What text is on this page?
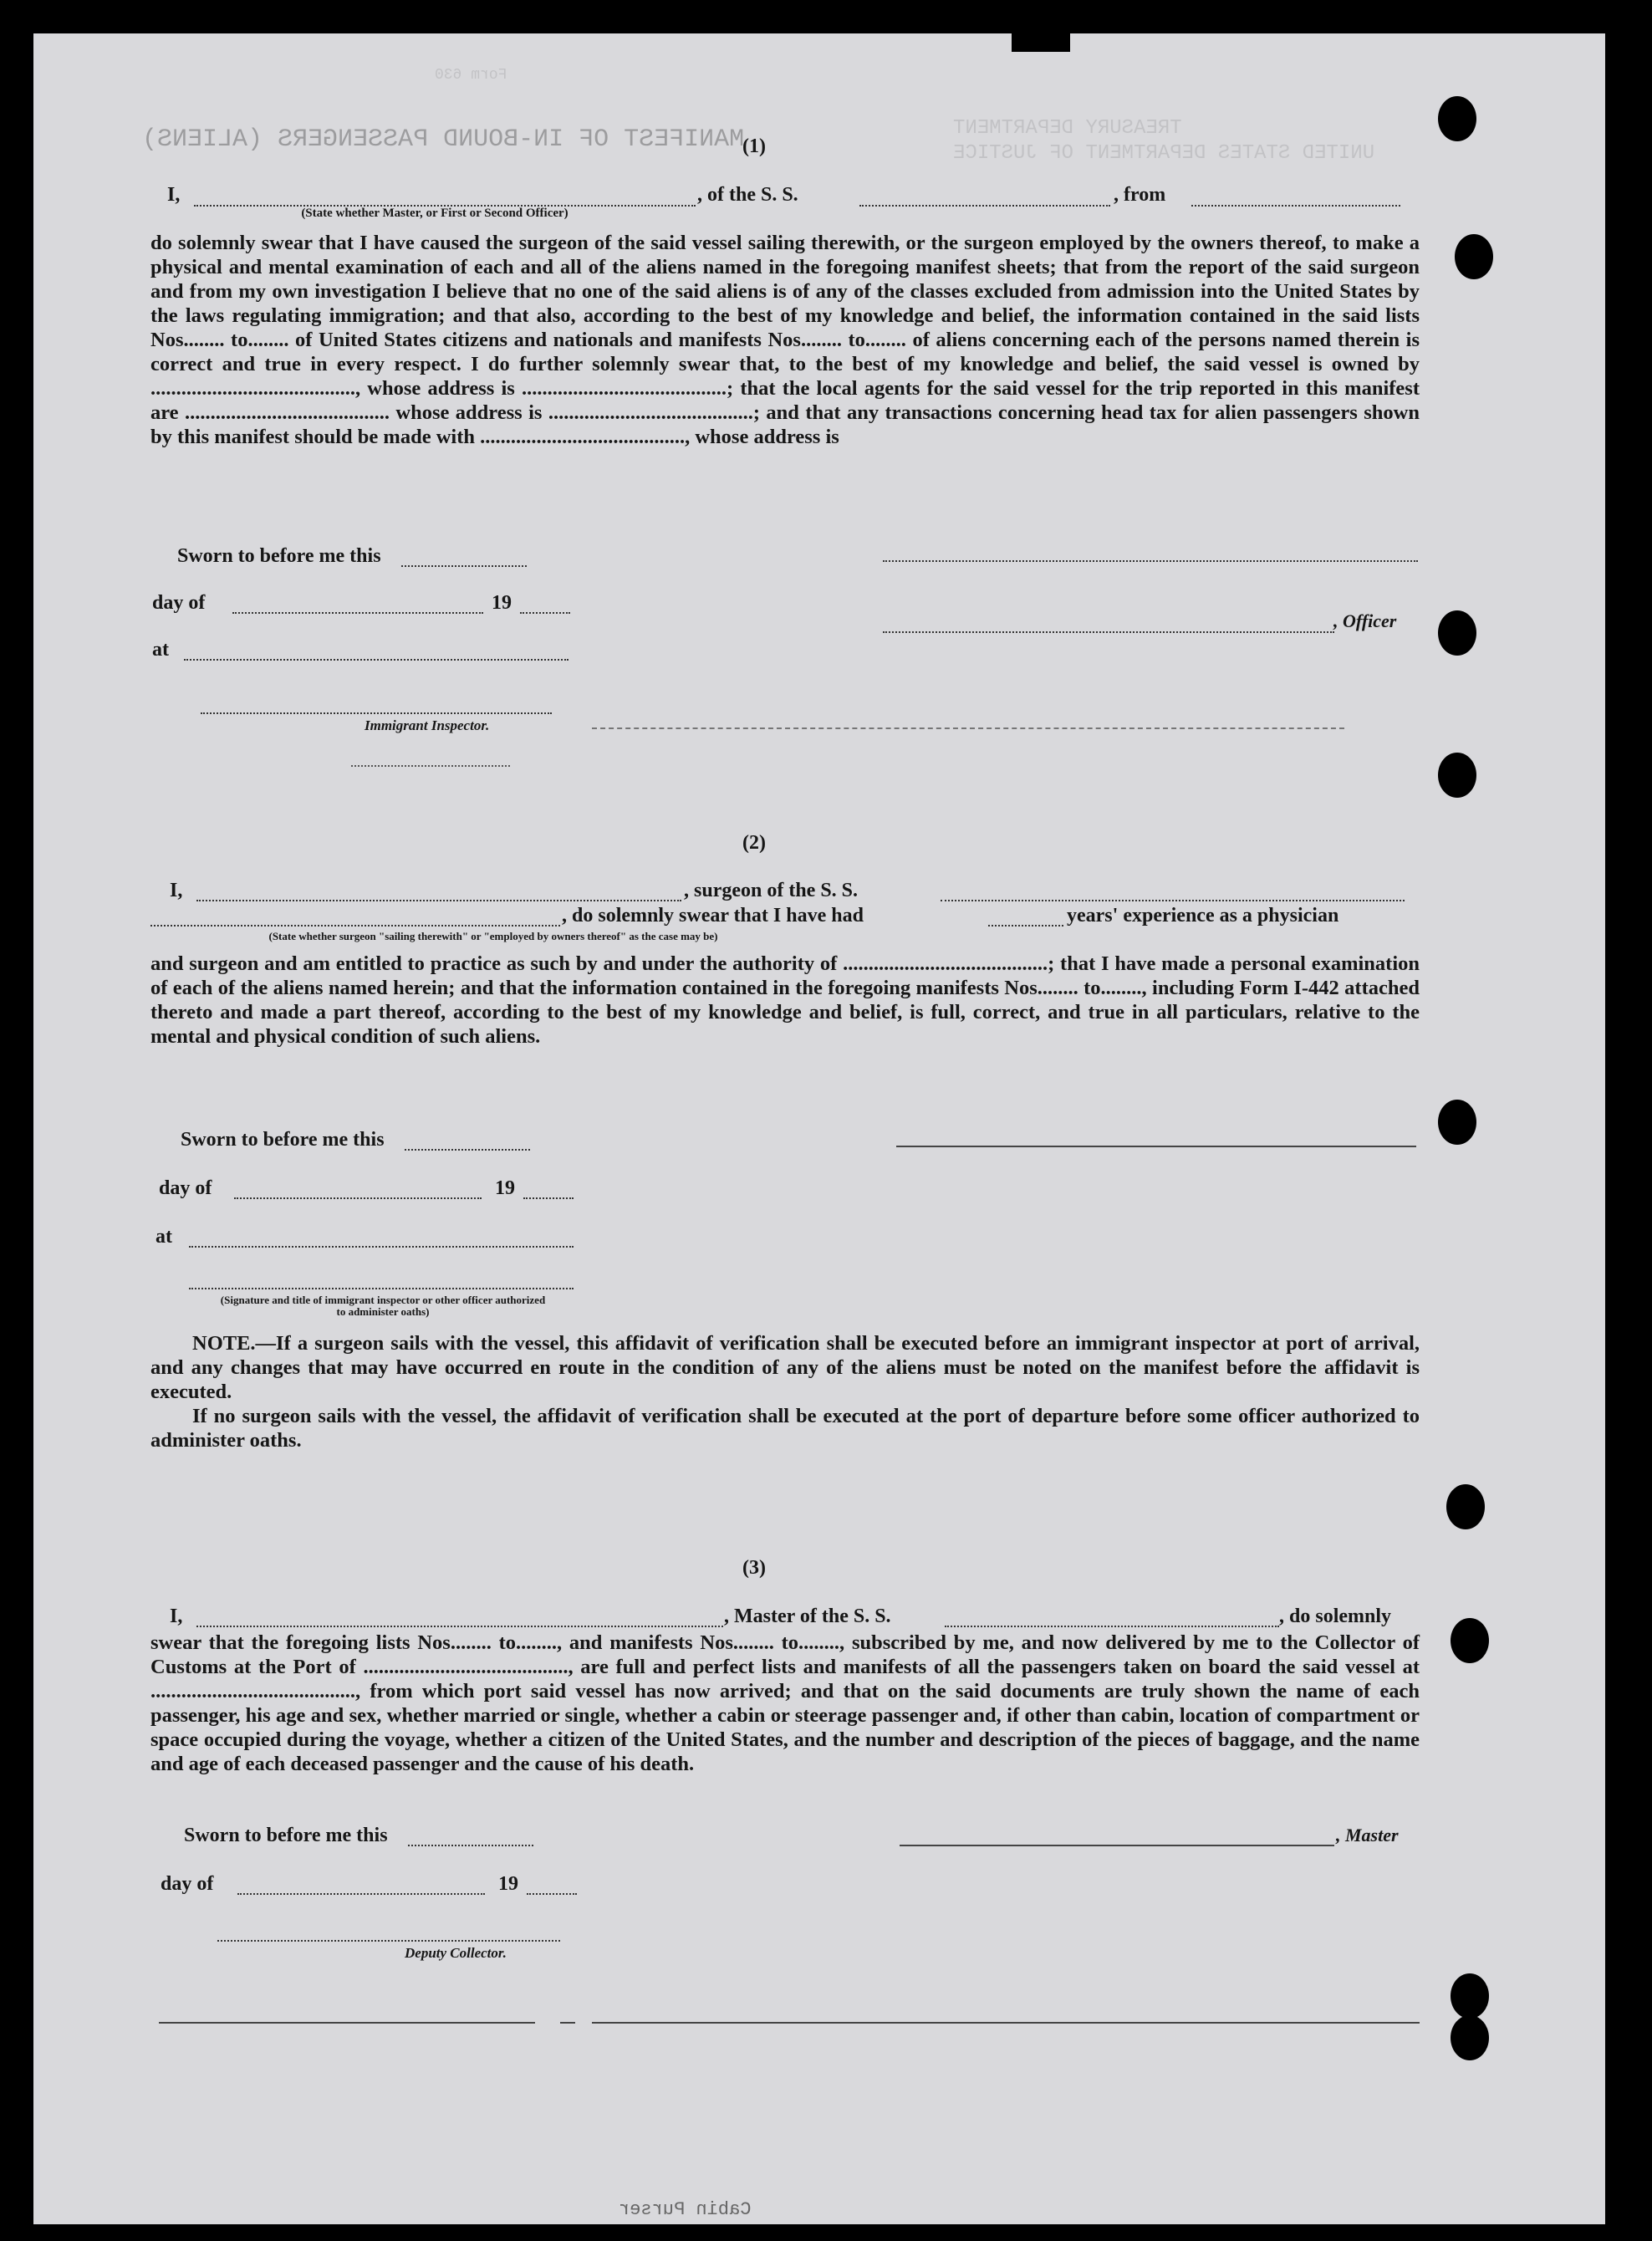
TREASURY DEPARTMENT
UNITED STATES DEPARTMENT OF JUSTICE
MANIFEST OF IN-BOUND PASSENGERS (ALIENS)
Form 630
(1)
I,	, of the S. S.	, from
(State whether Master, or First or Second Officer)

do solemnly swear that I have caused the surgeon of the said vessel sailing therewith, or the surgeon employed by the owners thereof, to make a physical and mental examination of each and all of the aliens named in the foregoing manifest sheets; that from the report of the said surgeon and from my own investigation I believe that no one of the said aliens is of any of the classes excluded from admission into the United States by the laws regulating immigration; and that also, according to the best of my knowledge and belief, the information contained in the said lists Nos........ to........ of United States citizens and nationals and manifests Nos........ to........ of aliens concerning each of the persons named therein is correct and true in every respect. I do further solemnly swear that, to the best of my knowledge and belief, the said vessel is owned by ........................................, whose address is ........................................; that the local agents for the said vessel for the trip reported in this manifest are ........................................ whose address is ........................................; and that any transactions concerning head tax for alien passengers shown by this manifest should be made with ........................................, whose address is

Sworn to before me this
day of	19
at
Immigrant Inspector.
, Officer
(2)
I,	, surgeon of the S. S.
, do solemnly swear that I have had	years' experience as a physician
(State whether surgeon "sailing therewith" or "employed by owners thereof" as the case may be)

and surgeon and am entitled to practice as such by and under the authority of ........................................; that I have made a personal examination of each of the aliens named herein; and that the information contained in the foregoing manifests Nos........ to........, including Form I-442 attached thereto and made a part thereof, according to the best of my knowledge and belief, is full, correct, and true in all particulars, relative to the mental and physical condition of such aliens.

Sworn to before me this
day of	19
at
(Signature and title of immigrant inspector or other officer authorized to administer oaths)

NOTE.—If a surgeon sails with the vessel, this affidavit of verification shall be executed before an immigrant inspector at port of arrival, and any changes that may have occurred en route in the condition of any of the aliens must be noted on the manifest before the affidavit is executed.

If no surgeon sails with the vessel, the affidavit of verification shall be executed at the port of departure before some officer authorized to administer oaths.

(3)
I,	, Master of the S. S.	, do solemnly

swear that the foregoing lists Nos........ to........, and manifests Nos........ to........, subscribed by me, and now delivered by me to the Collector of Customs at the Port of ........................................, are full and perfect lists and manifests of all the passengers taken on board the said vessel at ........................................, from which port said vessel has now arrived; and that on the said documents are truly shown the name of each passenger, his age and sex, whether married or single, whether a cabin or steerage passenger and, if other than cabin, location of compartment or space occupied during the voyage, whether a citizen of the United States, and the number and description of the pieces of baggage, and the name and age of each deceased passenger and the cause of his death.

Sworn to before me this	, Master
day of	19
Deputy Collector.
Cabin Purser
